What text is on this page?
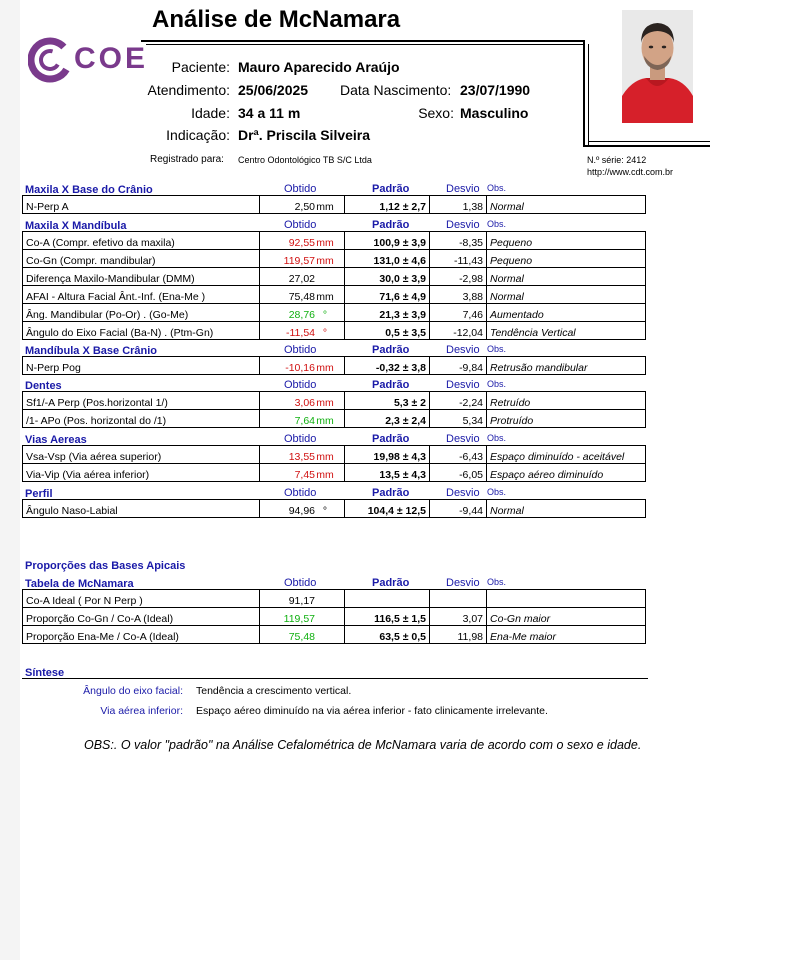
Análise de McNamara
COE	Paciente: Mauro Aparecido Araújo
Atendimento: 25/06/2025 Data Nascimento: 23/07/1990
Idade: 34 a 11 m	Sexo: Masculino
Indicação: Drª. Priscila Silveira
Registrado para: Centro Odontológico TB S/C Ltda	N.º série: 2412
http://www.cdt.com.br
Maxila X Base do Crânio	Obtido	Padrão	Desvio Obs.
N-Perp A	2,50mm	1,12 ± 2,7	1,38	Normal
Maxila X Mandíbula	Obtido	Padrão	Desvio Obs.
Co-A (Compr. efetivo da maxila)	92,55mm	100,9 ± 3,9	-8,35	Pequeno
Co-Gn (Compr. mandibular)	119,57mm	131,0 ± 4,6	-11,43	Pequeno
Diferença Maxilo-Mandibular (DMM)	27,02	30,0 ± 3,9	-2,98	Normal
AFAI - Altura Facial Ânt.-Inf. (Ena-Me )	75,48mm	71,6 ± 4,9	3,88	Normal
Âng. Mandibular (Po-Or) . (Go-Me)	28,76 °	21,3 ± 3,9	7,46	Aumentado
Ângulo do Eixo Facial (Ba-N) . (Ptm-Gn)	-11,54 °	0,5 ± 3,5	-12,04	Tendência Vertical
Mandíbula X Base Crânio	Obtido	Padrão	Desvio Obs.
N-Perp Pog	-10,16mm	-0,32 ± 3,8	-9,84	Retrusão mandibular
Dentes	Obtido	Padrão	Desvio Obs.
Sf1/-A Perp (Pos.horizontal 1/)	3,06mm	5,3 ± 2	-2,24	Retruído
/1- APo (Pos. horizontal do /1)	7,64mm	2,3 ± 2,4	5,34	Protruído
Vias Aereas	Obtido	Padrão	Desvio Obs.
Vsa-Vsp (Via aérea superior)	13,55mm	19,98 ± 4,3	-6,43	Espaço diminuído - aceitável
Via-Vip (Via aérea inferior)	7,45mm	13,5 ± 4,3	-6,05	Espaço aéreo diminuído
Perfil	Obtido	Padrão	Desvio Obs.
Ângulo Naso-Labial	94,96 °	104,4 ± 12,5	-9,44	Normal
Proporções das Bases Apicais
Obtido	Padrão	Desvio Obs.
Tabela de McNamara
Co-A Ideal ( Por N Perp )	91,17			
Proporção Co-Gn / Co-A (Ideal)	119,57	116,5 ± 1,5	3,07	Co-Gn maior
Proporção Ena-Me / Co-A (Ideal)	75,48	63,5 ± 0,5	11,98	Ena-Me maior
Síntese
Ângulo do eixo facial: Tendência a crescimento vertical.
Via aérea inferior: Espaço aéreo diminuído na via aérea inferior - fato clinicamente irrelevante.
OBS:. O valor "padrão" na Análise Cefalométrica de McNamara varia de acordo com o sexo e idade.
